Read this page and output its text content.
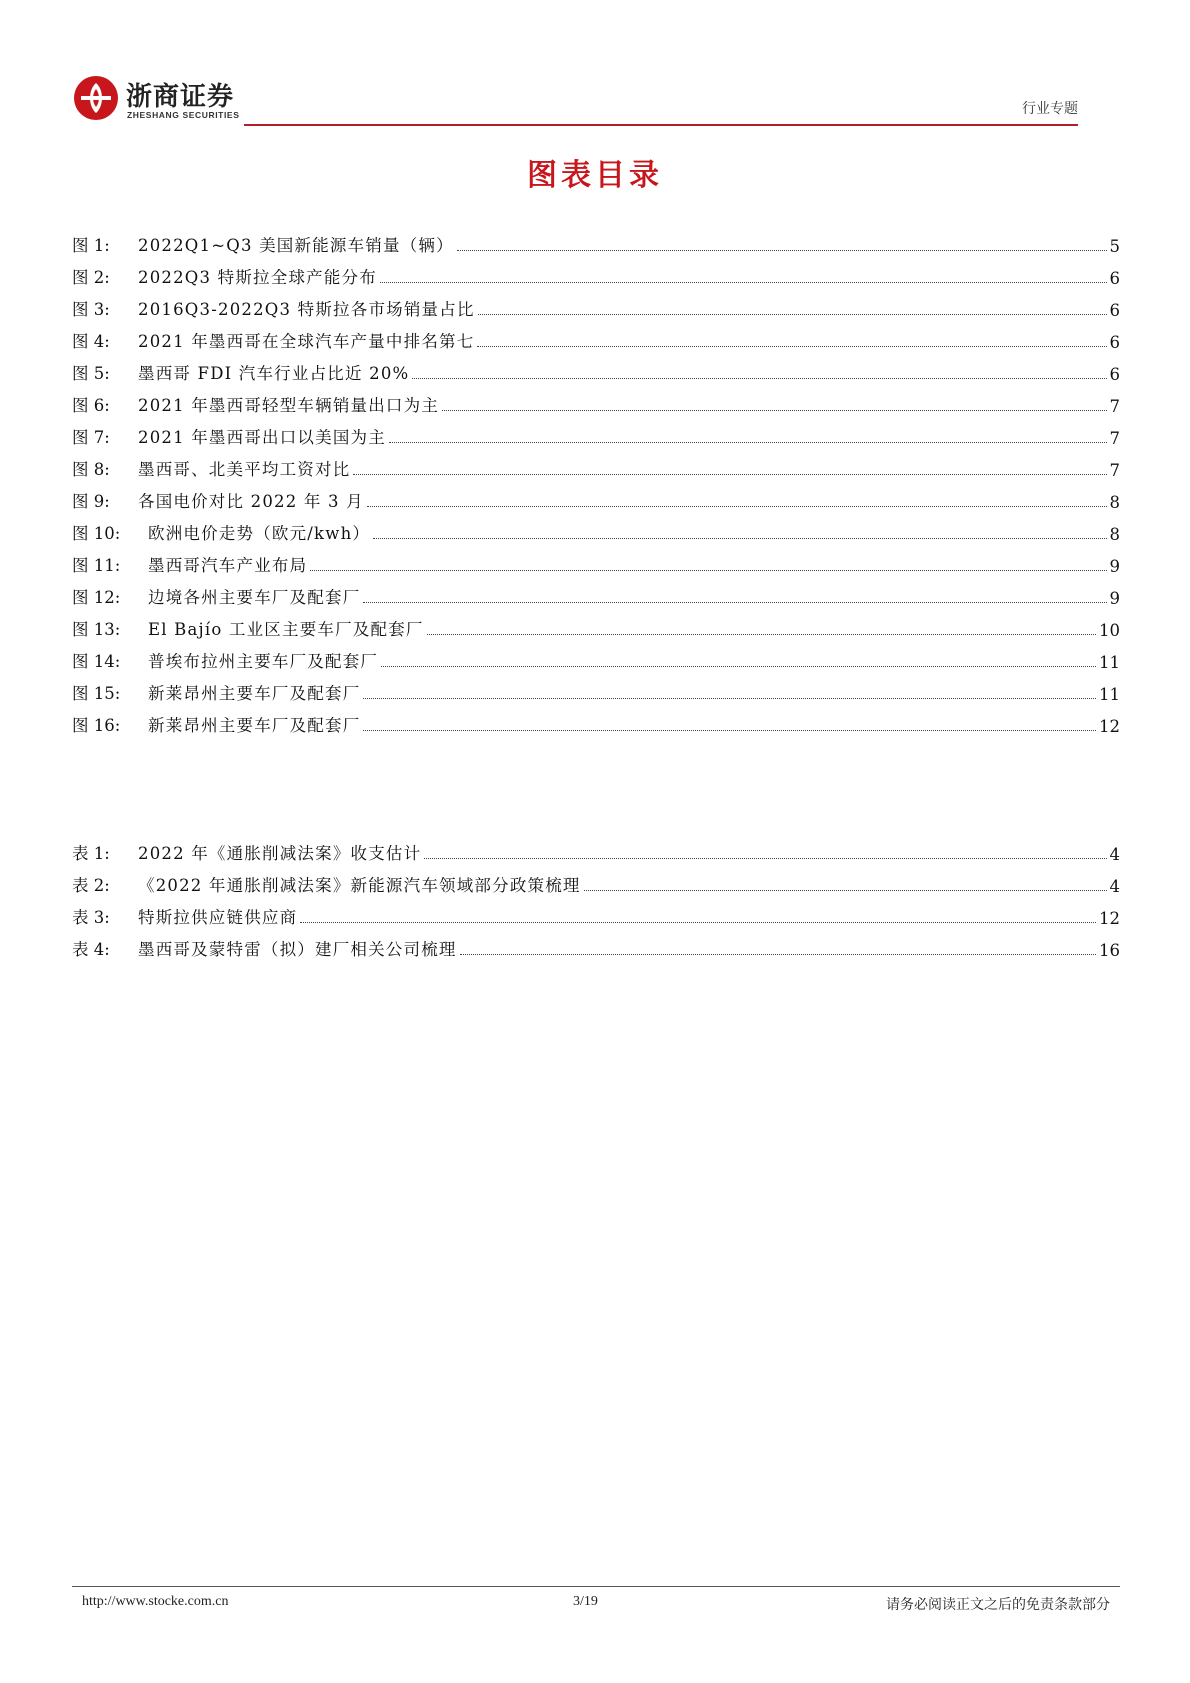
浙商证券
ZHESHANG SECURITIES	行业专题
图表目录
图 1:	2022Q1~Q3 美国新能源车销量（辆）	5
图 2:	2022Q3 特斯拉全球产能分布	6
图 3:	2016Q3-2022Q3 特斯拉各市场销量占比	6
图 4:	2021 年墨西哥在全球汽车产量中排名第七	6
图 5:	墨西哥 FDI 汽车行业占比近 20%	6
图 6:	2021 年墨西哥轻型车辆销量出口为主	7
图 7:	2021 年墨西哥出口以美国为主	7
图 8:	墨西哥、北美平均工资对比	7
图 9:	各国电价对比 2022 年 3 月	8
图 10:	欧洲电价走势（欧元/kwh）	8
图 11:	墨西哥汽车产业布局	9
图 12:	边境各州主要车厂及配套厂	9
图 13:	El Bajío 工业区主要车厂及配套厂	10
图 14:	普埃布拉州主要车厂及配套厂	11
图 15:	新莱昂州主要车厂及配套厂	11
图 16:	新莱昂州主要车厂及配套厂	12
表 1:	2022 年《通胀削减法案》收支估计	4
表 2:	《2022 年通胀削减法案》新能源汽车领域部分政策梳理	4
表 3:	特斯拉供应链供应商	12
表 4:	墨西哥及蒙特雷（拟）建厂相关公司梳理	16
http://www.stocke.com.cn	3/19	请务必阅读正文之后的免责条款部分
